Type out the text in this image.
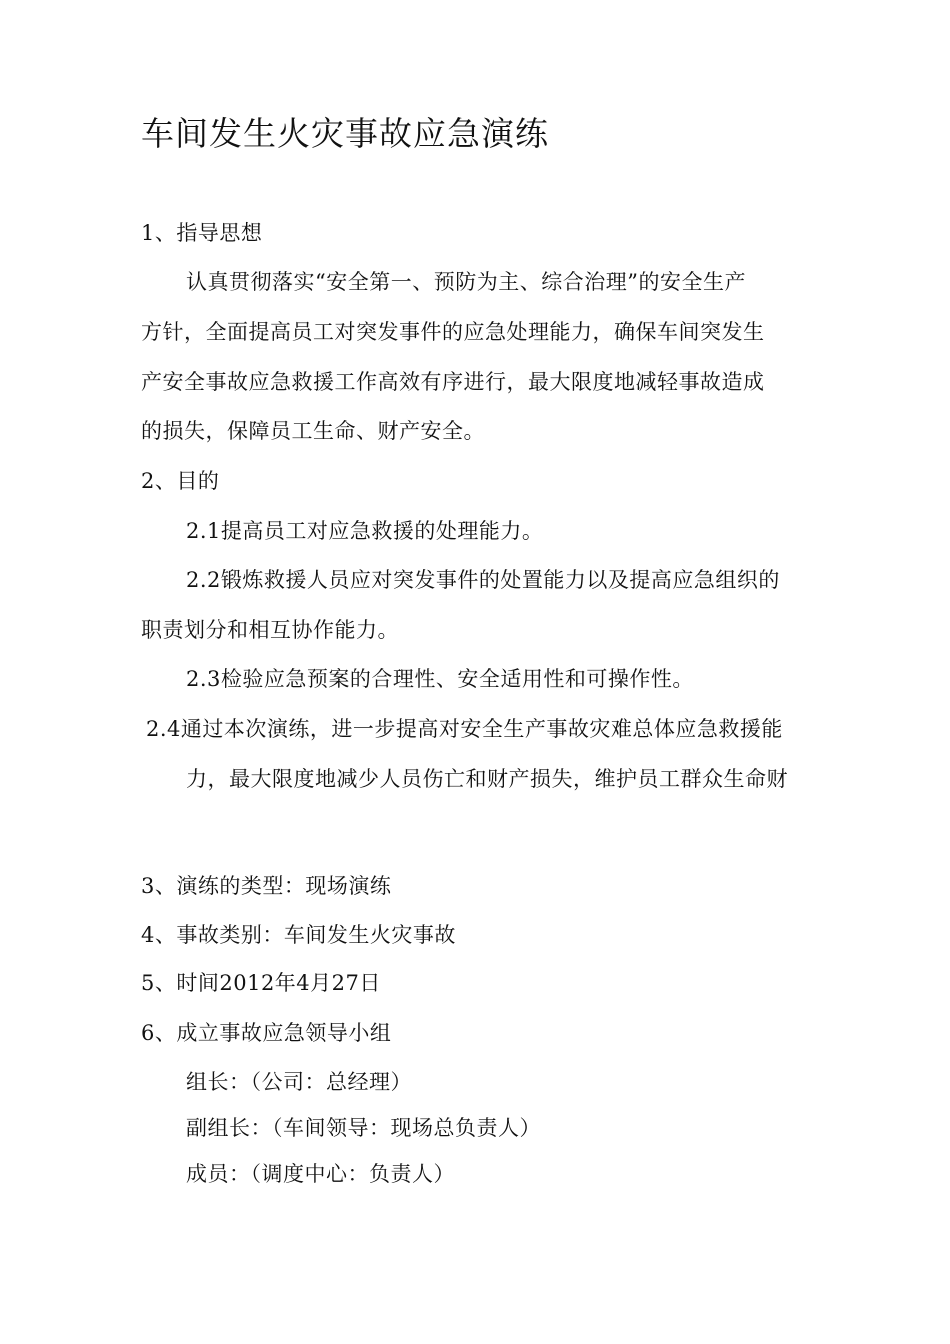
车间发生火灾事故应急演练
1、指导思想
认真贯彻落实“安全第一、预防为主、综合治理”的安全生产
方针，全面提高员工对突发事件的应急处理能力，确保车间突发生
产安全事故应急救援工作高效有序进行，最大限度地减轻事故造成
的损失，保障员工生命、财产安全。
2、目的
2.1提高员工对应急救援的处理能力。
2.2锻炼救援人员应对突发事件的处置能力以及提高应急组织的
职责划分和相互协作能力。
2.3检验应急预案的合理性、安全适用性和可操作性。
2.4通过本次演练，进一步提高对安全生产事故灾难总体应急救援能
力，最大限度地减少人员伤亡和财产损失，维护员工群众生命财
3、演练的类型：现场演练
4、事故类别：车间发生火灾事故
5、时间2012年4月27日
6、成立事故应急领导小组
组长：（公司：总经理）
副组长：（车间领导：现场总负责人）
成员：（调度中心：负责人）
